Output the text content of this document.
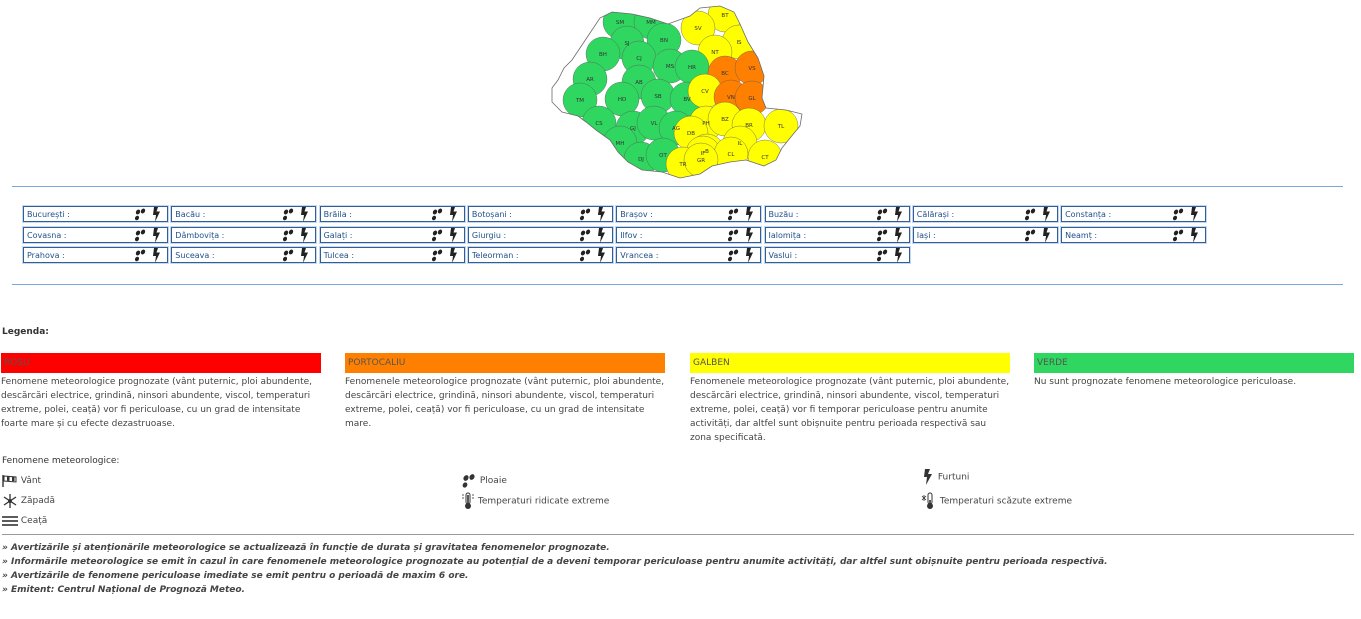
SM	MM
BT
SJ	BN
SV
BH
CJ
IS
NT
MS	HR
AR	AB
BC
VS
TM	HD	SB	BV
CV
VN GL
CS
GJ
VL
AG
PH
BZ
BR	TL
MH
DB
IL
DJ
OT
B
IF	CL	CT
TR
GR
București :	Bacău :	Brăila :	Botoșani :	Brașov :	Buzău :	Călărași :	Constanța :
Covasna :	Dâmbovița :	Galați :	Giurgiu :	Ilfov :	Ialomița :	Iași :	Neamț :
Prahova :	Suceava :	Tulcea :	Teleorman :	Vrancea :	Vaslui :
Legenda:
ROSU
Fenomene meteorologice prognozate (vânt puternic, ploi abundente, descărcări electrice, grindină, ninsori abundente, viscol, temperaturi extreme, polei, ceață) vor fi periculoase, cu un grad de intensitate foarte mare și cu efecte dezastruoase.
PORTOCALIU
Fenomenele meteorologice prognozate (vânt puternic, ploi abundente, descărcări electrice, grindină, ninsori abundente, viscol, temperaturi extreme, polei, ceață) vor fi periculoase, cu un grad de intensitate mare.
GALBEN
Fenomenele meteorologice prognozate (vânt puternic, ploi abundente, descărcări electrice, grindină, ninsori abundente, viscol, temperaturi extreme, polei, ceață) vor fi temporar periculoase pentru anumite activități, dar altfel sunt obișnuite pentru perioada respectivă sau zona specificată.
VERDE
Nu sunt prognozate fenomene meteorologice periculoase.
Fenomene meteorologice:
Vânt	Ploaie	Furtuni
Zăpadă	Temperaturi ridicate extreme	Temperaturi scăzute extreme
Ceață
» Avertizările și atenționările meteorologice se actualizează în funcție de durata și gravitatea fenomenelor prognozate.
» Informările meteorologice se emit în cazul în care fenomenele meteorologice prognozate au potențial de a deveni temporar periculoase pentru anumite activități, dar altfel sunt obișnuite pentru perioada respectivă.
» Avertizările de fenomene periculoase imediate se emit pentru o perioadă de maxim 6 ore.
» Emitent: Centrul Național de Prognoză Meteo.
